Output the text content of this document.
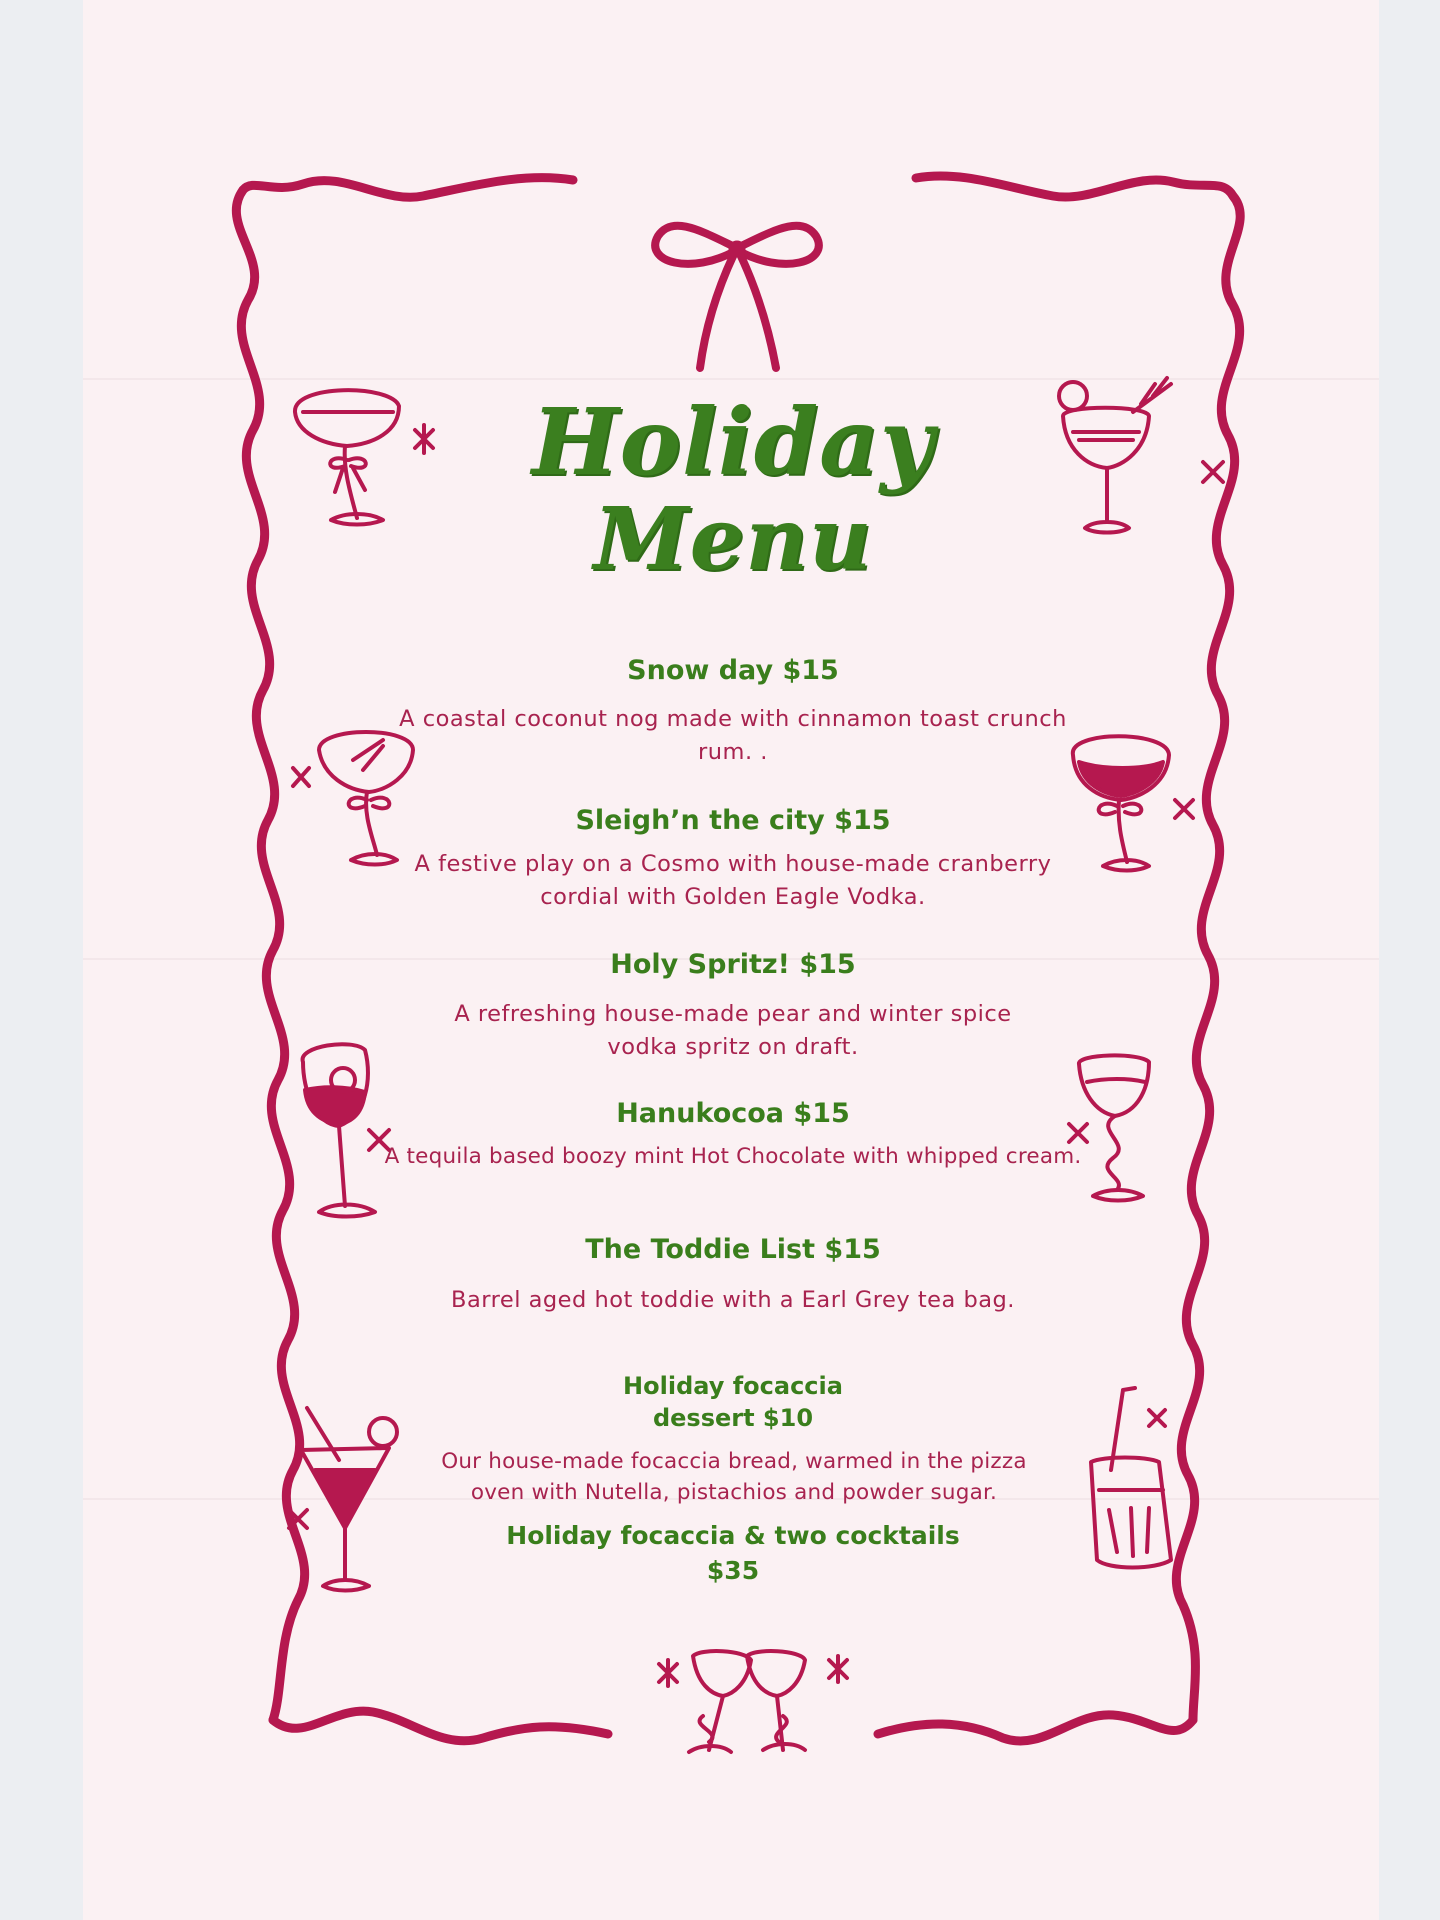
Holiday
Menu
Snow day $15
A coastal coconut nog made with cinnamon toast crunch rum. .
Sleigh’n the city $15
A festive play on a Cosmo with house-made cranberry cordial with Golden Eagle Vodka.
Holy Spritz! $15
A refreshing house-made pear and winter spice vodka spritz on draft.
Hanukocoa $15
A tequila based boozy mint Hot Chocolate with whipped cream.
The Toddie List $15
Barrel aged hot toddie with a Earl Grey tea bag.
Holiday focaccia dessert $10
Our house-made focaccia bread, warmed in the pizza oven with Nutella, pistachios and powder sugar.
Holiday focaccia & two cocktails $35
